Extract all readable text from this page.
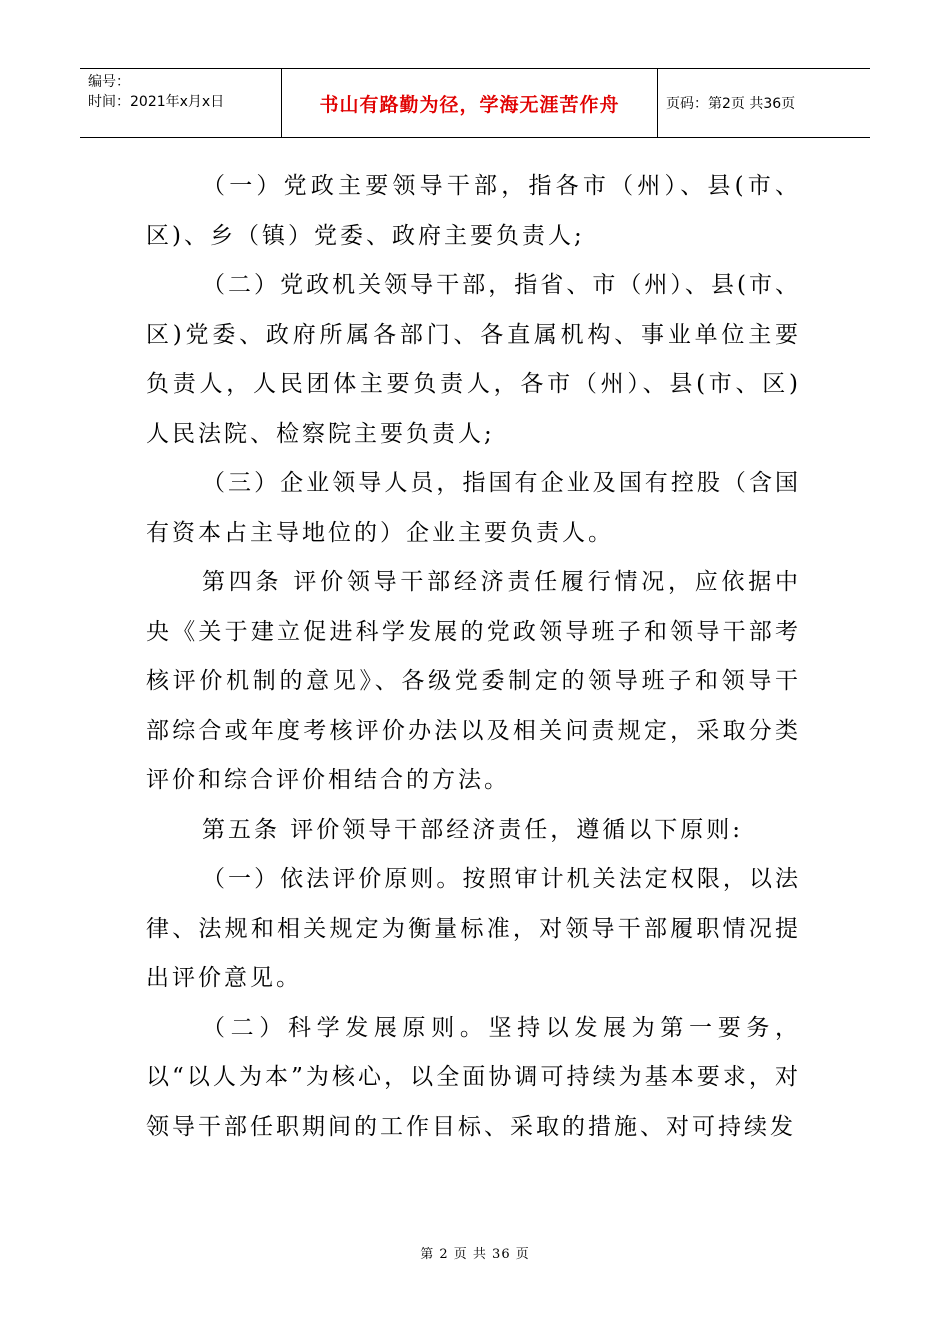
编号：
时间：2021年x月x日	书山有路勤为径，学海无涯苦作舟	页码：第2页 共36页

（一）党政主要领导干部，指各市（州）、县(市、区)、乡（镇）党委、政府主要负责人;

（二）党政机关领导干部，指省、市（州）、县(市、区)党委、政府所属各部门、各直属机构、事业单位主要负责人，人民团体主要负责人，各市（州）、县(市、区)人民法院、检察院主要负责人;

（三）企业领导人员，指国有企业及国有控股（含国有资本占主导地位的）企业主要负责人。

第四条 评价领导干部经济责任履行情况，应依据中央《关于建立促进科学发展的党政领导班子和领导干部考核评价机制的意见》、各级党委制定的领导班子和领导干部综合或年度考核评价办法以及相关问责规定，采取分类评价和综合评价相结合的方法。

第五条 评价领导干部经济责任，遵循以下原则:

（一）依法评价原则。按照审计机关法定权限，以法律、法规和相关规定为衡量标准，对领导干部履职情况提出评价意见。

（二）科学发展原则。坚持以发展为第一要务，以“以人为本”为核心，以全面协调可持续为基本要求，对领导干部任职期间的工作目标、采取的措施、对可持续发

第 2 页 共 36 页
